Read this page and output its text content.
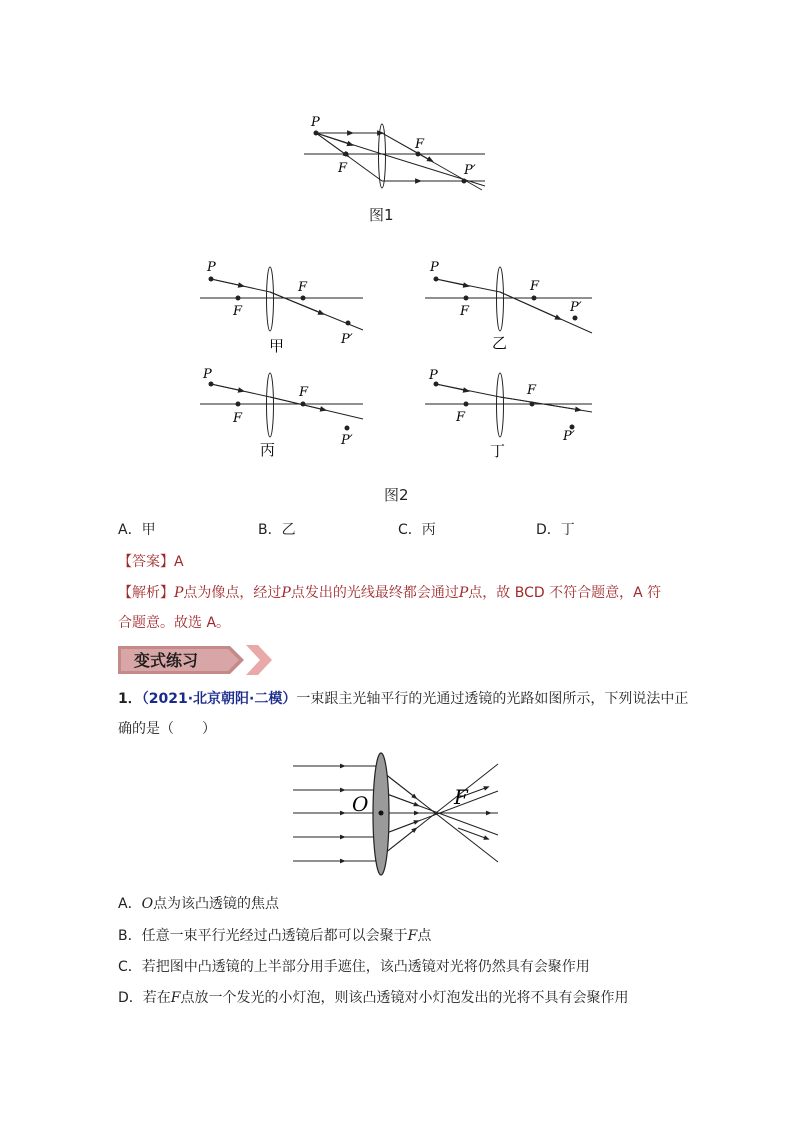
P
F
F	P′
图1
P
F
F
P′
甲
P
F
F
P′
乙
P
F
F
P′
丙
P
F
F
P′
丁
图2
A．甲	B．乙	C．丙	D．丁
【答案】A
【解析】P点为像点，经过P点发出的光线最终都会通过P点，故 BCD 不符合题意，A 符
合题意。故选 A。
变式练习
1．（2021·北京朝阳·二模）一束跟主光轴平行的光通过透镜的光路如图所示，下列说法中正
确的是（　　）
O	F
A．O点为该凸透镜的焦点
B．任意一束平行光经过凸透镜后都可以会聚于F点
C．若把图中凸透镜的上半部分用手遮住，该凸透镜对光将仍然具有会聚作用
D．若在F点放一个发光的小灯泡，则该凸透镜对小灯泡发出的光将不具有会聚作用
